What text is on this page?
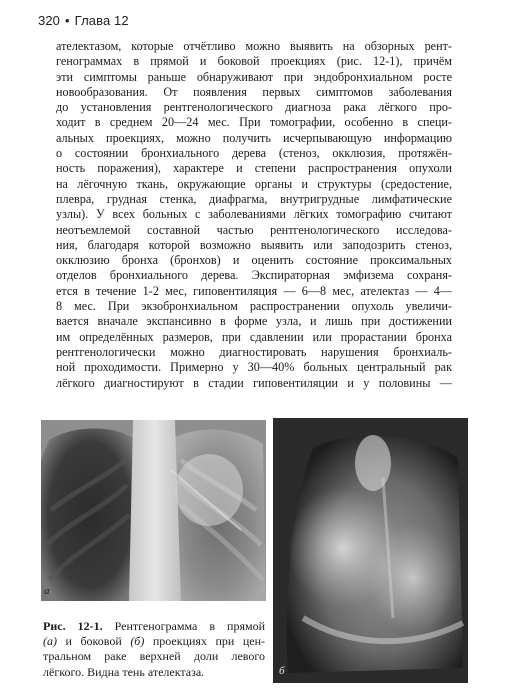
320 • Глава 12
ателектазом, которые отчётливо можно выявить на обзорных рент-
генограммах в прямой и боковой проекциях (рис. 12-1), причём
эти симптомы раньше обнаруживают при эндобронхиальном росте
новообразования. От появления первых симптомов заболевания
до установления рентгенологического диагноза рака лёгкого про-
ходит в среднем 20—24 мес. При томографии, особенно в специ-
альных проекциях, можно получить исчерпывающую информацию
о состоянии бронхиального дерева (стеноз, окклюзия, протяжён-
ность поражения), характере и степени распространения опухоли
на лёгочную ткань, окружающие органы и структуры (средостение,
плевра, грудная стенка, диафрагма, внутригрудные лимфатические
узлы). У всех больных с заболеваниями лёгких томографию считают
неотъемлемой составной частью рентгенологического исследова-
ния, благодаря которой возможно выявить или заподозрить стеноз,
окклюзию бронха (бронхов) и оценить состояние проксимальных
отделов бронхиального дерева. Экспираторная эмфизема сохраня-
ется в течение 1-2 мес, гиповентиляция — 6—8 мес, ателектаз — 4—
8 мес. При экзобронхиальном распространении опухоль увеличи-
вается вначале экспансивно в форме узла, и лишь при достижении
им определённых размеров, при сдавлении или прорастании бронха
рентгенологически можно диагностировать нарушения бронхиаль-
ной проходимости. Примерно у 30—40% больных центральный рак
лёгкого диагностируют в стадии гиповентиляции и у половины —
а
б
Рис. 12-1. Рентгенограмма в прямой
(а) и боковой (б) проекциях при цен-
тральном раке верхней доли левого
лёгкого. Видна тень ателектаза.
